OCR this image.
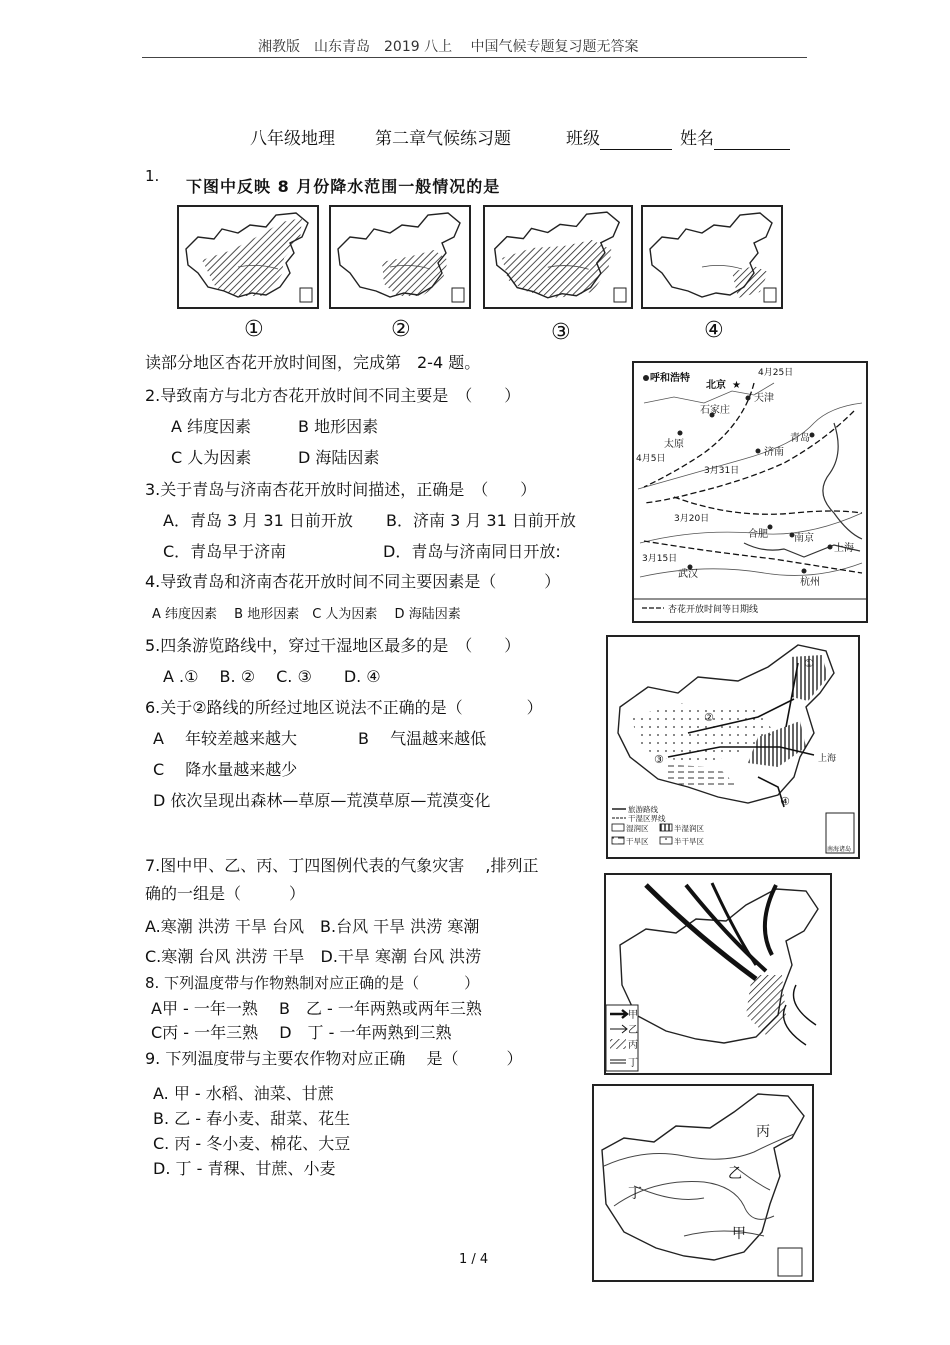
湘教版　山东青岛　2019 八上　 中国气候专题复习题无答案
八年级地理 第二章气候练习题	班级	姓名
1.
下图中反映 8 月份降水范围一般情况的是
①	②	③	④
读部分地区杏花开放时间图，完成第　2-4 题。
2.导致南方与北方杏花开放时间不同主要是　（　　）
A 纬度因素	B 地形因素
C 人为因素	D 海陆因素
3.关于青岛与济南杏花开放时间描述，正确是　（　　）
A．青岛 3 月 31 日前开放 B．济南 3 月 31 日前开放
C．青岛早于济南	D．青岛与济南同日开放:
4.导致青岛和济南杏花开放时间不同主要因素是（　　　）
A 纬度因素　 B 地形因素　C 人为因素　 D 海陆因素
呼和浩特
北京 ★
天津
石家庄
太原
济南
青岛
合肥	南京
上海
武汉
杭州
4月25日
4月5日
3月31日
3月20日
3月15日
杏花开放时间等日期线
5.四条游览路线中，穿过干湿地区最多的是　（　　）
A .①　 B. ②　 C. ③　　D. ④
6.关于②路线的所经过地区说法不正确的是（　　　　）
A　 年较差越来越大	B　 气温越来越低
C　 降水量越来越少
D 依次呈现出森林—草原—荒漠草原—荒漠变化
②
③
④
①
上海
南海诸岛
旅游路线
干湿区界线
湿润区	半湿润区
干旱区	半干旱区
7.图中甲、乙、丙、丁四图例代表的气象灾害　 ,排列正
确的一组是（　　　）
A.寒潮 洪涝 干旱 台风　B.台风 干旱 洪涝 寒潮
C.寒潮 台风 洪涝 干旱　D.干旱 寒潮 台风 洪涝
甲
乙
丙
丁
8. 下列温度带与作物熟制对应正确的是（　　　）
A甲 - 一年一熟　 B　乙 - 一年两熟或两年三熟
C丙 - 一年三熟　 D　丁 - 一年两熟到三熟
9. 下列温度带与主要农作物对应正确　 是（　　　）
A. 甲 - 水稻、油菜、甘蔗
B. 乙 - 春小麦、甜菜、花生
C. 丙 - 冬小麦、棉花、大豆
D. 丁 - 青稞、甘蔗、小麦
丙
乙
丁
甲
1 / 4
